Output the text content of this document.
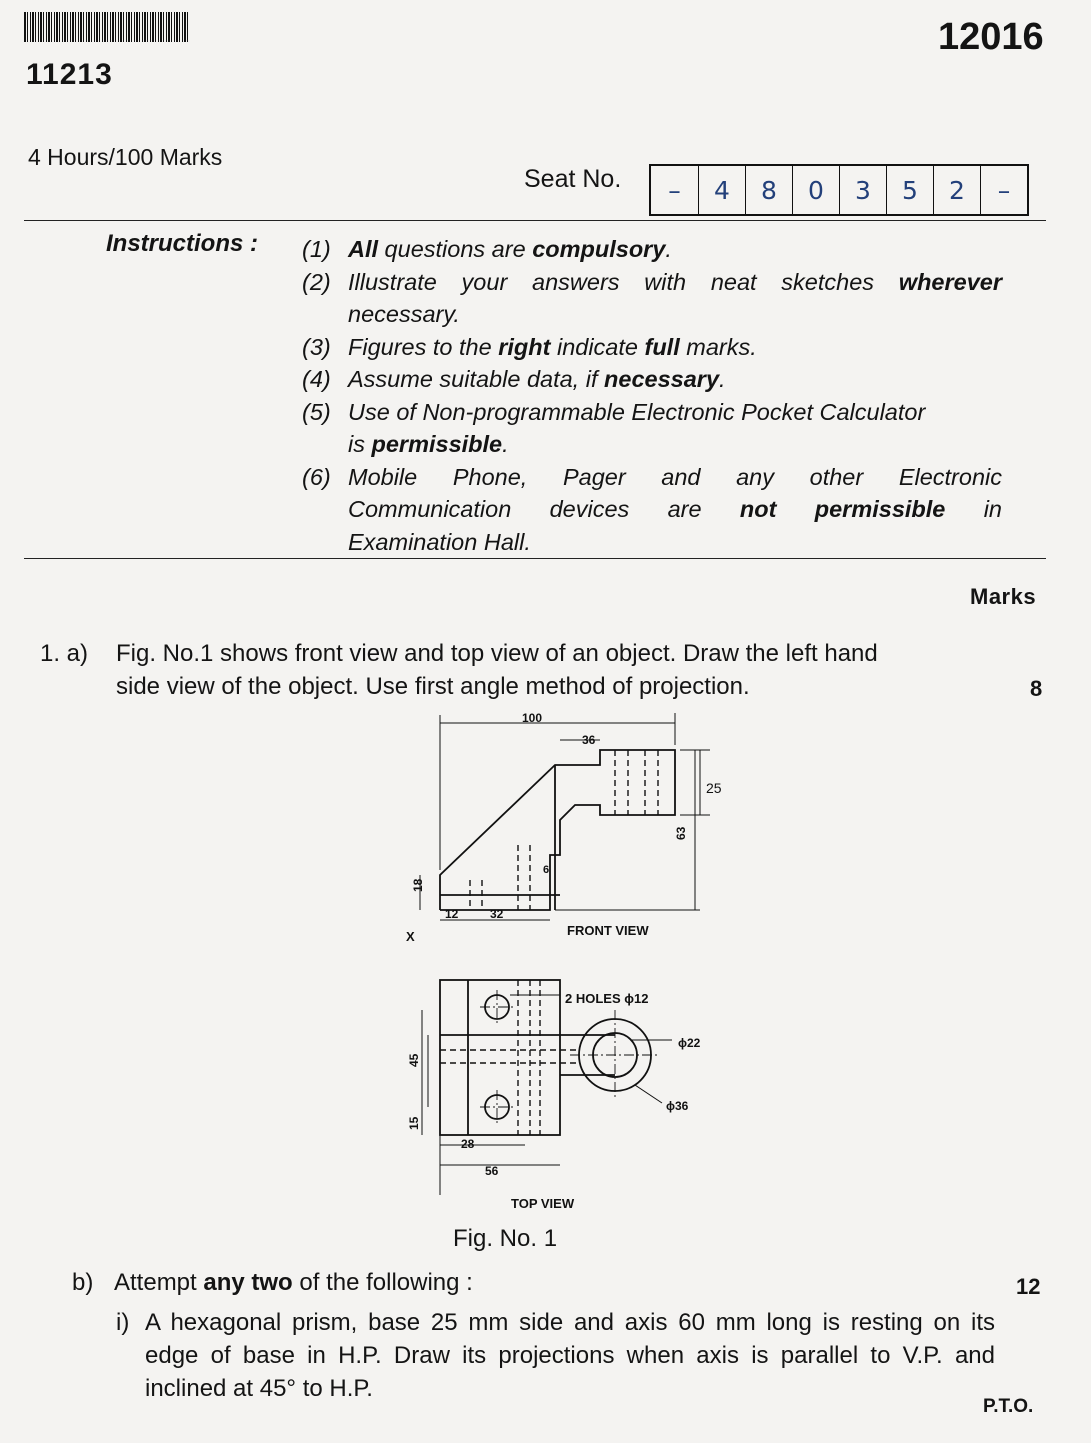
11213
12016
4 Hours/100 Marks
Seat No.	–	4	8	0	3	5	2	–
Instructions : (1) All questions are compulsory.
(2) Illustrate your answers with neat sketches wherever
necessary.
(3) Figures to the right indicate full marks.
(4) Assume suitable data, if necessary.
(5) Use of Non-programmable Electronic Pocket Calculator
is permissible.
(6) Mobile Phone, Pager and any other Electronic
Communication devices are not permissible in
Examination Hall.
Marks
1. a) Fig. No.1 shows front view and top view of an object. Draw the left hand
side view of the object. Use first angle method of projection.	8
100
36
25
63
6
18
12	32
X	FRONT VIEW
2 HOLES ϕ12
ϕ22
ϕ36
45
15
28
56
TOP VIEW
Fig. No. 1
b) Attempt any two of the following :	12
i) A hexagonal prism, base 25 mm side and axis 60 mm long is resting on its
edge of base in H.P. Draw its projections when axis is parallel to V.P. and
inclined at 45° to H.P.
P.T.O.
